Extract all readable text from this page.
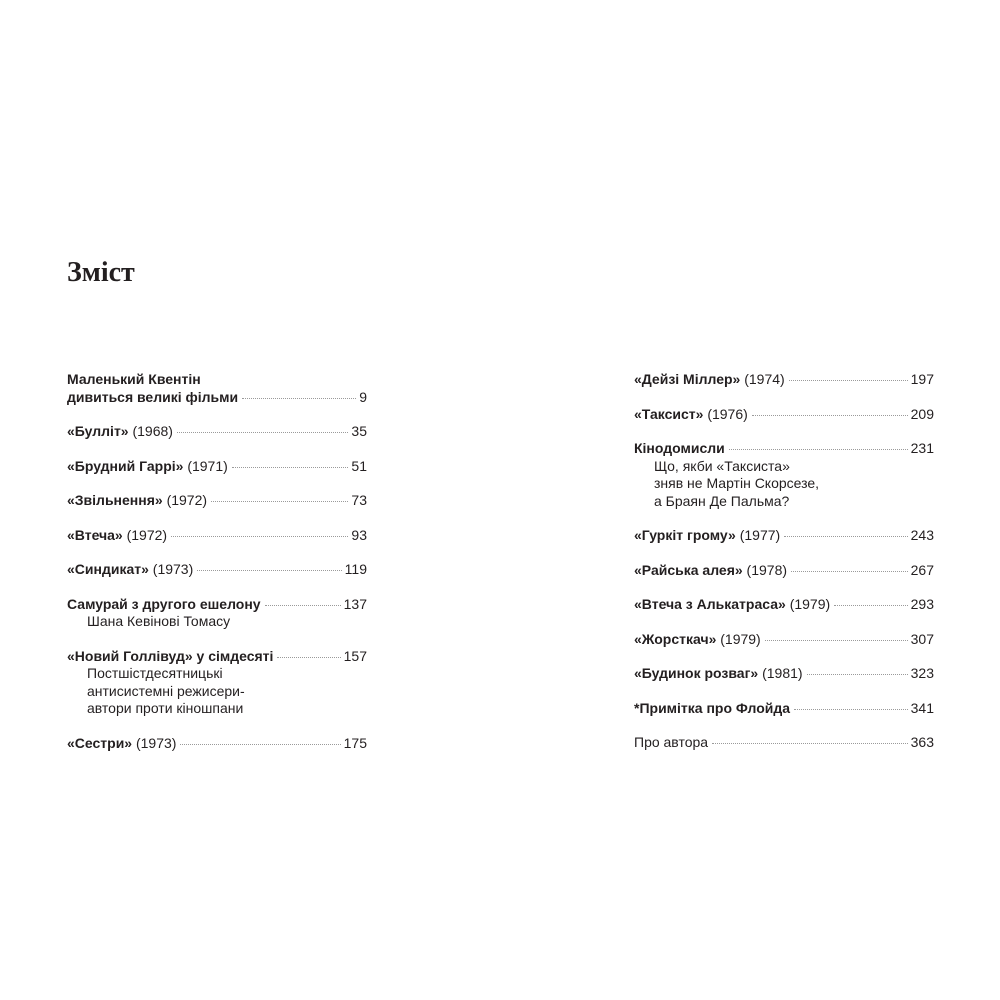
Зміст
Маленький Квентін
дивиться великі фільми	9
«Булліт» (1968)	35
«Брудний Гаррі» (1971)	51
«Звільнення» (1972)	73
«Втеча» (1972)	93
«Синдикат» (1973)	119
Самурай з другого ешелону	137
Шана Кевінові Томасу
«Новий Голлівуд» у сімдесяті	157
Постшістдесятницькі
антисистемні режисери-
автори проти кіношпани
«Сестри» (1973)	175
«Дейзі Міллер» (1974)	197
«Таксист» (1976)	209
Кінодомисли	231
Що, якби «Таксиста»
зняв не Мартін Скорсезе,
а Браян Де Пальма?
«Гуркіт грому» (1977)	243
«Райська алея» (1978)	267
«Втеча з Алькатраса» (1979)	293
«Жорсткач» (1979)	307
«Будинок розваг» (1981)	323
*Примітка про Флойда	341
Про автора	363
